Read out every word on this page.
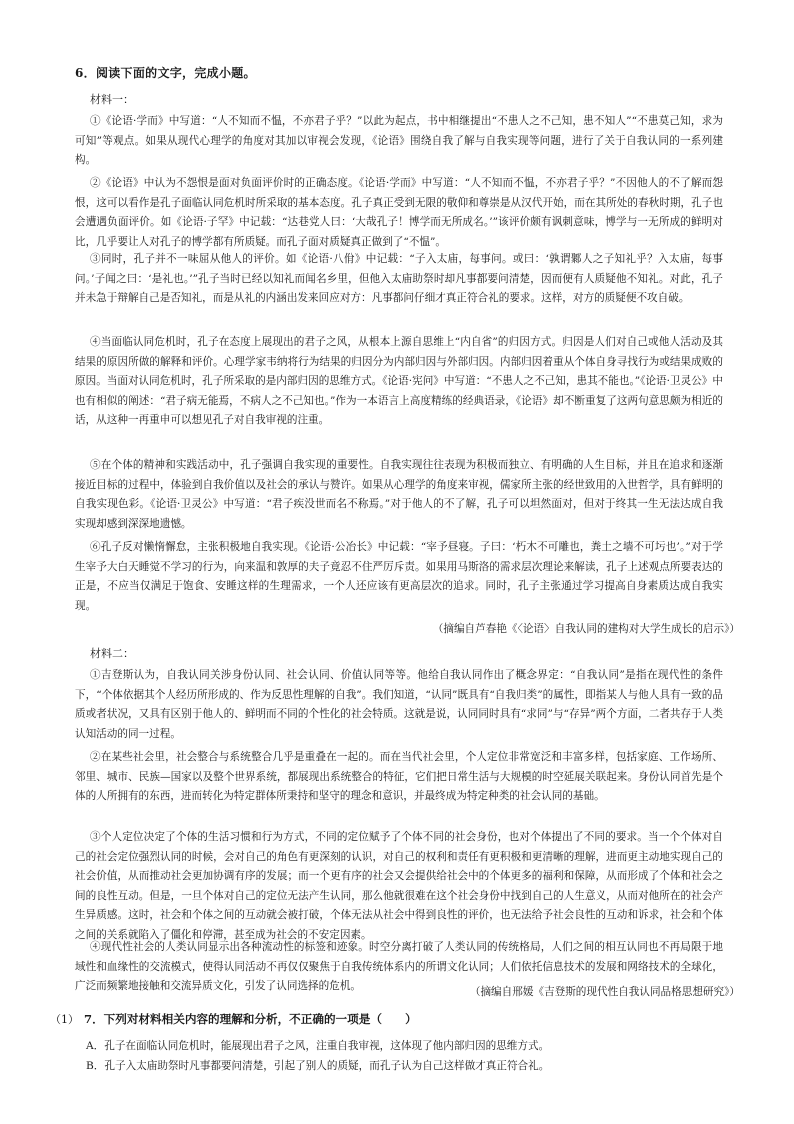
6．阅读下面的文字，完成小题。
材料一：

①《论语·学而》中写道：“人不知而不愠，不亦君子乎？”以此为起点，书中相继提出“不患人之不己知，患不知人”“不患莫己知，求为可知”等观点。如果从现代心理学的角度对其加以审视会发现，《论语》围绕自我了解与自我实现等问题，进行了关于自我认同的一系列建构。

②《论语》中认为不怨恨是面对负面评价时的正确态度。《论语·学而》中写道：“人不知而不愠，不亦君子乎？”不因他人的不了解而怨恨，这可以看作是孔子面临认同危机时所采取的基本态度。孔子真正受到无限的敬仰和尊崇是从汉代开始，而在其所处的春秋时期，孔子也会遭遇负面评价。如《论语·子罕》中记载：“达巷党人曰：‘大哉孔子！博学而无所成名。’”该评价颇有讽刺意味，博学与一无所成的鲜明对比，几乎要让人对孔子的博学都有所质疑。而孔子面对质疑真正做到了“不愠”。

③同时，孔子并不一味屈从他人的评价。如《论语·八佾》中记载：“子入太庙，每事问。或曰：‘孰谓鄹人之子知礼乎？入太庙，每事问。’子闻之曰：‘是礼也。’”孔子当时已经以知礼而闻名乡里，但他入太庙助祭时却凡事都要问清楚，因而便有人质疑他不知礼。对此，孔子并未急于辩解自己是否知礼，而是从礼的内涵出发来回应对方：凡事都问仔细才真正符合礼的要求。这样，对方的质疑便不攻自破。

④当面临认同危机时，孔子在态度上展现出的君子之风，从根本上源自思维上“内自省”的归因方式。归因是人们对自己或他人活动及其结果的原因所做的解释和评价。心理学家韦纳将行为结果的归因分为内部归因与外部归因。内部归因着重从个体自身寻找行为或结果成败的原因。当面对认同危机时，孔子所采取的是内部归因的思维方式。《论语·宪问》中写道：“不患人之不己知，患其不能也。”《论语·卫灵公》中也有相似的阐述：“君子病无能焉，不病人之不己知也。”作为一本语言上高度精练的经典语录，《论语》却不断重复了这两句意思颇为相近的话，从这种一再重申可以想见孔子对自我审视的注重。

⑤在个体的精神和实践活动中，孔子强调自我实现的重要性。自我实现往往表现为积极而独立、有明确的人生目标，并且在追求和逐渐接近目标的过程中，体验到自我价值以及社会的承认与赞许。如果从心理学的角度来审视，儒家所主张的经世致用的入世哲学，具有鲜明的自我实现色彩。《论语·卫灵公》中写道：“君子疾没世而名不称焉。”对于他人的不了解，孔子可以坦然面对，但对于终其一生无法达成自我实现却感到深深地遗憾。

⑥孔子反对懒惰懈怠，主张积极地自我实现。《论语·公冶长》中记载：“宰予昼寝。子曰：‘朽木不可雕也，粪土之墙不可圬也’。”对于学生宰予大白天睡觉不学习的行为，向来温和敦厚的夫子竟忍不住严厉斥责。如果用马斯洛的需求层次理论来解读，孔子上述观点所要表达的正是，不应当仅满足于饱食、安睡这样的生理需求，一个人还应该有更高层次的追求。同时，孔子主张通过学习提高自身素质达成自我实现。

（摘编自芦春艳《〈论语〉自我认同的建构对大学生成长的启示》）
材料二：

①吉登斯认为，自我认同关涉身份认同、社会认同、价值认同等等。他给自我认同作出了概念界定：“自我认同”是指在现代性的条件下，“个体依据其个人经历所形成的、作为反思性理解的自我”。我们知道，“认同”既具有“自我归类”的属性，即指某人与他人具有一致的品质或者状况，又具有区别于他人的、鲜明而不同的个性化的社会特质。这就是说，认同同时具有“求同”与“存异”两个方面，二者共存于人类认知活动的同一过程。

②在某些社会里，社会整合与系统整合几乎是重叠在一起的。而在当代社会里，个人定位非常宽泛和丰富多样，包括家庭、工作场所、邻里、城市、民族—国家以及整个世界系统，都展现出系统整合的特征，它们把日常生活与大规模的时空延展关联起来。身份认同首先是个体的人所拥有的东西，进而转化为特定群体所秉持和坚守的理念和意识，并最终成为特定种类的社会认同的基础。

③个人定位决定了个体的生活习惯和行为方式，不同的定位赋予了个体不同的社会身份，也对个体提出了不同的要求。当一个个体对自己的社会定位强烈认同的时候，会对自己的角色有更深刻的认识，对自己的权利和责任有更积极和更清晰的理解，进而更主动地实现自己的社会价值，从而推动社会更加协调有序的发展；而一个更有序的社会又会提供给社会中的个体更多的福利和保障，从而形成了个体和社会之间的良性互动。但是，一旦个体对自己的定位无法产生认同，那么他就很难在这个社会身份中找到自己的人生意义，从而对他所在的社会产生异质感。这时，社会和个体之间的互动就会被打破，个体无法从社会中得到良性的评价，也无法给予社会良性的互动和诉求，社会和个体之间的关系就陷入了僵化和停滞，甚至成为社会的不安定因素。

④现代性社会的人类认同显示出各种流动性的标签和迹象。时空分离打破了人类认同的传统格局，人们之间的相互认同也不再局限于地域性和血缘性的交流模式，使得认同活动不再仅仅聚焦于自我传统体系内的所谓文化认同；人们依托信息技术的发展和网络技术的全球化，广泛而频繁地接触和交流异质文化，引发了认同选择的危机。	（摘编自邢媛《吉登斯的现代性自我认同品格思想研究》）
（1） 7．下列对材料相关内容的理解和分析，不正确的一项是（　　）
A．孔子在面临认同危机时，能展现出君子之风，注重自我审视，这体现了他内部归因的思维方式。
B．孔子入太庙助祭时凡事都要问清楚，引起了别人的质疑，而孔子认为自己这样做才真正符合礼。
